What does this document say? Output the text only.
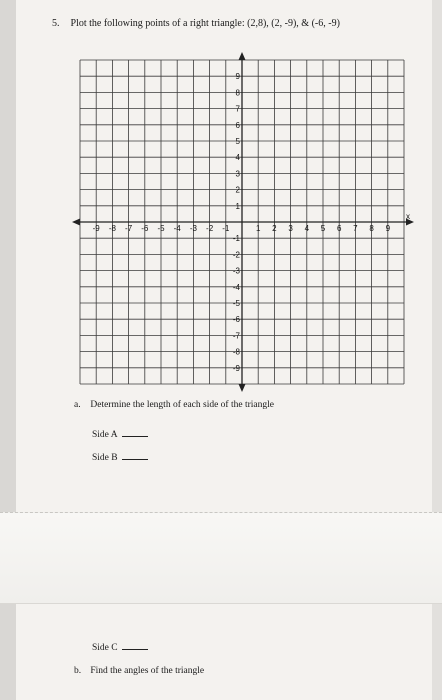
5. Plot the following points of a right triangle: (2,8), (2, -9), & (-6, -9)
-9 -8 -7 -6 -5 -4 -3 -2 -1	1 2 3 4 5 6 7 8 9
9
8
7
6
5
4
3
2
1
-1
-2
-3
-4
-5
-6
-7
-8
-9
x
a. Determine the length of each side of the triangle
Side A
Side B
Side C
b. Find the angles of the triangle
